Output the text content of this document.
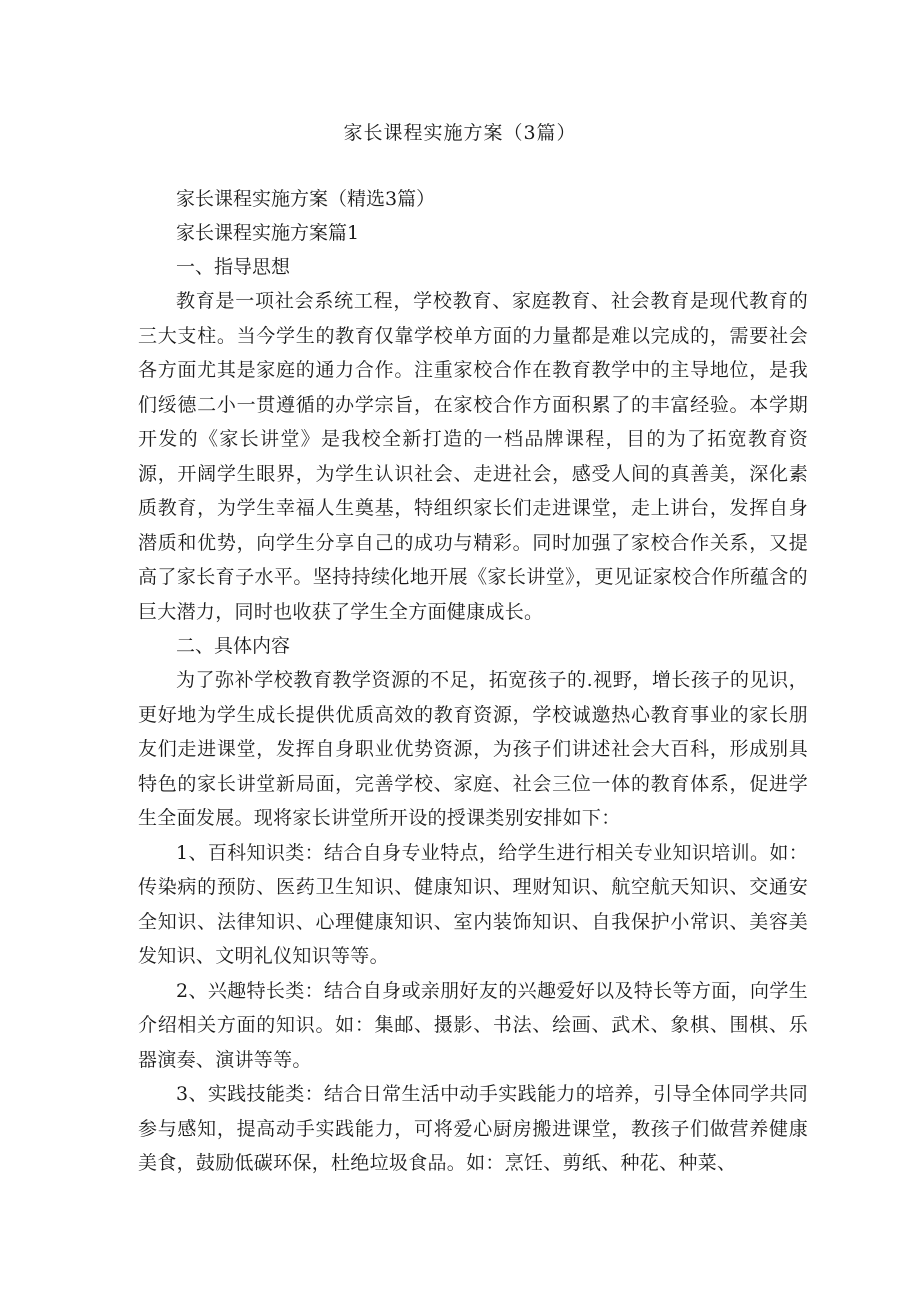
家长课程实施方案（3篇）

家长课程实施方案（精选3篇）

家长课程实施方案篇1

一、指导思想

教育是一项社会系统工程，学校教育、家庭教育、社会教育是现代教育的三大支柱。当今学生的教育仅靠学校单方面的力量都是难以完成的，需要社会各方面尤其是家庭的通力合作。注重家校合作在教育教学中的主导地位，是我们绥德二小一贯遵循的办学宗旨，在家校合作方面积累了的丰富经验。本学期开发的《家长讲堂》是我校全新打造的一档品牌课程，目的为了拓宽教育资源，开阔学生眼界，为学生认识社会、走进社会，感受人间的真善美，深化素质教育，为学生幸福人生奠基，特组织家长们走进课堂，走上讲台，发挥自身潜质和优势，向学生分享自己的成功与精彩。同时加强了家校合作关系，又提高了家长育子水平。坚持持续化地开展《家长讲堂》，更见证家校合作所蕴含的巨大潜力，同时也收获了学生全方面健康成长。

二、具体内容

为了弥补学校教育教学资源的不足，拓宽孩子的.视野，增长孩子的见识，更好地为学生成长提供优质高效的教育资源，学校诚邀热心教育事业的家长朋友们走进课堂，发挥自身职业优势资源，为孩子们讲述社会大百科，形成别具特色的家长讲堂新局面，完善学校、家庭、社会三位一体的教育体系，促进学生全面发展。现将家长讲堂所开设的授课类别安排如下：

1、百科知识类：结合自身专业特点，给学生进行相关专业知识培训。如：传染病的预防、医药卫生知识、健康知识、理财知识、航空航天知识、交通安全知识、法律知识、心理健康知识、室内装饰知识、自我保护小常识、美容美发知识、文明礼仪知识等等。

2、兴趣特长类：结合自身或亲朋好友的兴趣爱好以及特长等方面，向学生介绍相关方面的知识。如：集邮、摄影、书法、绘画、武术、象棋、围棋、乐器演奏、演讲等等。

3、实践技能类：结合日常生活中动手实践能力的培养，引导全体同学共同参与感知，提高动手实践能力，可将爱心厨房搬进课堂，教孩子们做营养健康美食，鼓励低碳环保，杜绝垃圾食品。如：烹饪、剪纸、种花、种菜、
